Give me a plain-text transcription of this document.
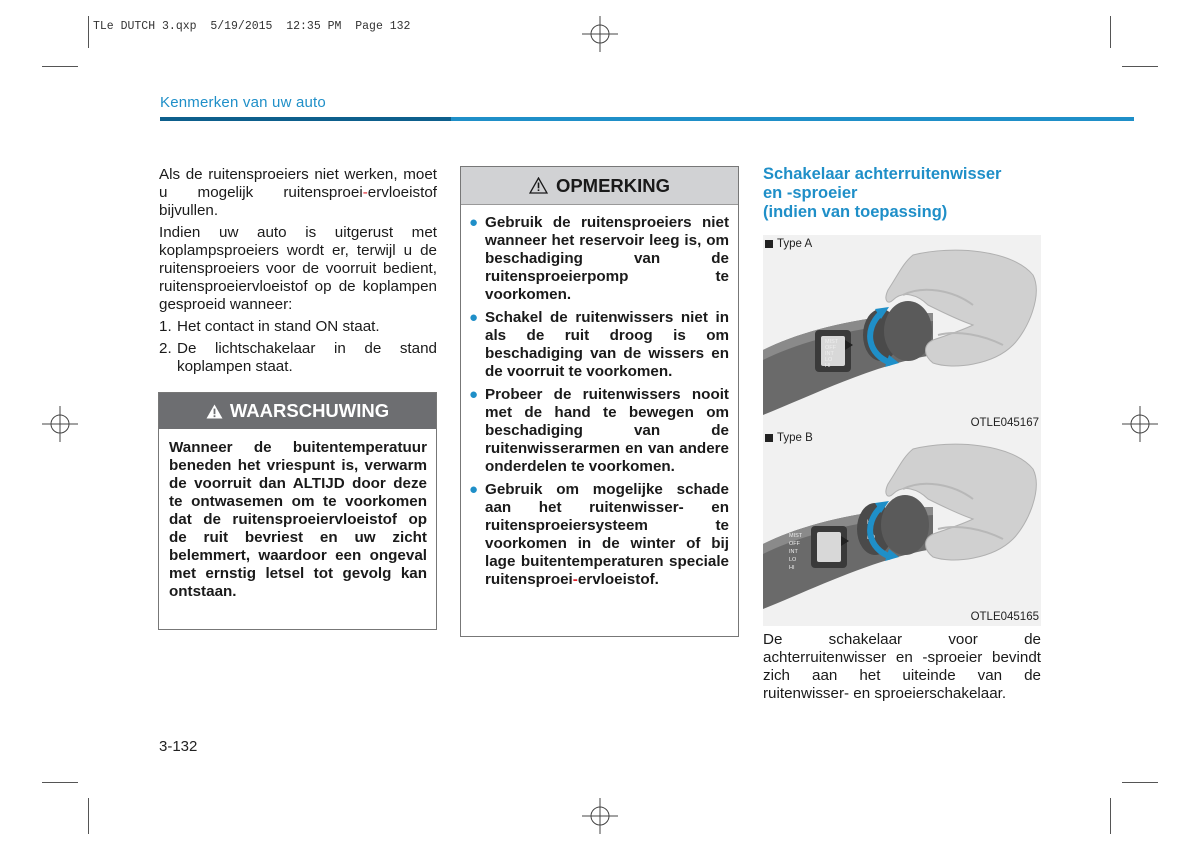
TLe DUTCH 3.qxp  5/19/2015  12:35 PM  Page 132
Kenmerken van uw auto

Als de ruitensproeiers niet werken, moet u mogelijk ruitensproei-ervloeistof bijvullen.

Indien uw auto is uitgerust met koplampsproeiers wordt er, terwijl u de ruitensproeiers voor de voorruit bedient, ruitensproeiervloeistof op de koplampen gesproeid wanneer:

1. Het contact in stand ON staat.
2. De lichtschakelaar in de stand koplampen staat.
WAARSCHUWING
Wanneer de buitentemperatuur beneden het vriespunt is, verwarm de voorruit dan ALTIJD door deze te ontwasemen om te voorkomen dat de ruitensproeiervloeistof op de ruit bevriest en uw zicht belemmert, waardoor een ongeval met ernstig letsel tot gevolg kan ontstaan.
OPMERKING
● Gebruik de ruitensproeiers niet wanneer het reservoir leeg is, om beschadiging van de ruitensproeierpomp te voorkomen.
● Schakel de ruitenwissers niet in als de ruit droog is om beschadiging van de wissers en de voorruit te voorkomen.
● Probeer de ruitenwissers nooit met de hand te bewegen om beschadiging van de ruitenwisserarmen en van andere onderdelen te voorkomen.
● Gebruik om mogelijke schade aan het ruitenwisser- en ruitensproeiersysteem te voorkomen in de winter of bij lage buitentemperaturen speciale ruitensproei-ervloeistof.
Schakelaar achterruitenwisser
en -sproeier
(indien van toepassing)
MIST
OFF
INT
LO
HI
Type A
OTLE045167
MIST
OFF
INT
LO
HI
HI
LO
Type B
OTLE045165
De schakelaar voor de achterruitenwisser en -sproeier bevindt zich aan het uiteinde van de ruitenwisser- en sproeierschakelaar.
3-132
